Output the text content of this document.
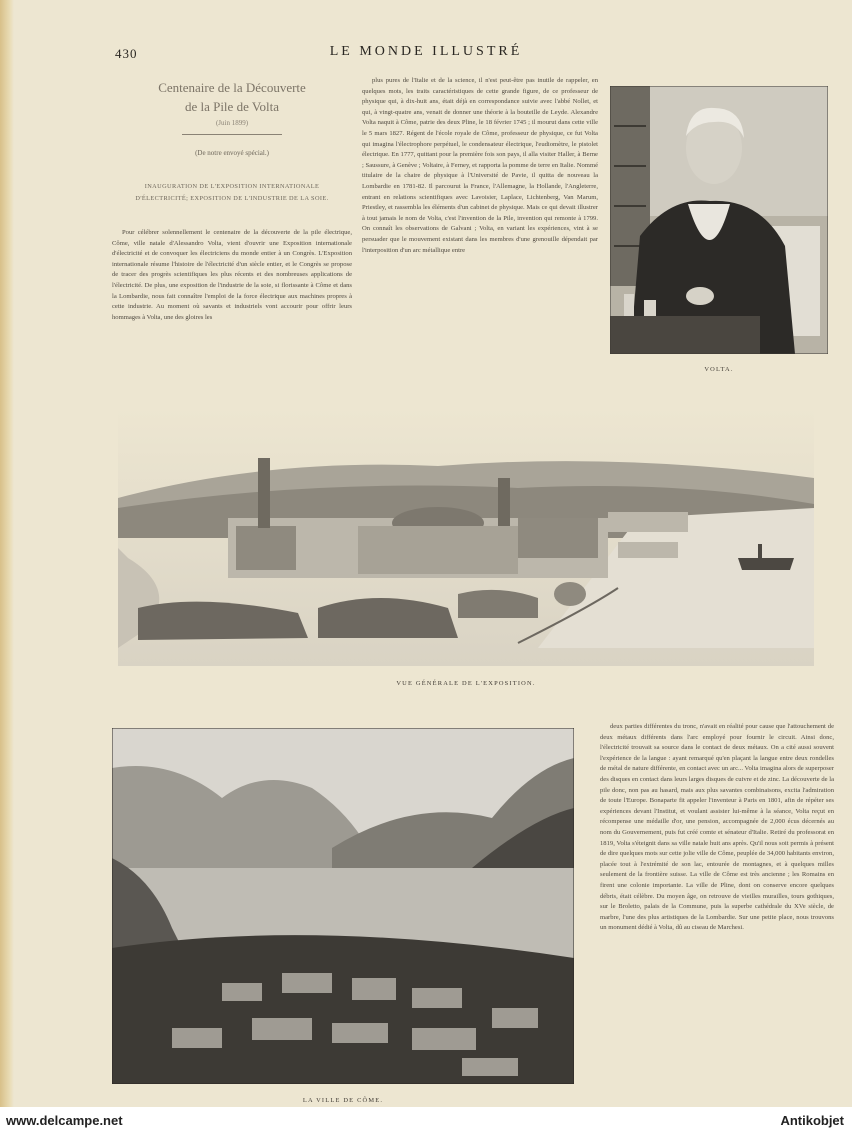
430	LE MONDE ILLUSTRÉ
Centenaire de la Découverte
de la Pile de Volta
(Juin 1899)
(De notre envoyé spécial.)
INAUGURATION DE L'EXPOSITION INTERNATIONALE
D'ÉLECTRICITÉ; EXPOSITION DE L'INDUSTRIE DE LA SOIE.

Pour célébrer solennellement le centenaire de la découverte de la pile électrique, Côme, ville natale d'Alessandro Volta, vient d'ouvrir une Exposition internationale d'électricité et de convoquer les électriciens du monde entier à un Congrès. L'Exposition internationale résume l'histoire de l'électricité d'un siècle entier, et le Congrès se propose de tracer des progrès scientifiques les plus récents et des nombreuses applications de l'électricité. De plus, une exposition de l'industrie de la soie, si florissante à Côme et dans la Lombardie, nous fait connaître l'emploi de la force électrique aux machines propres à cette industrie. Au moment où savants et industriels vont accourir pour offrir leurs hommages à Volta, une des gloires les

plus pures de l'Italie et de la science, il n'est peut-être pas inutile de rappeler, en quelques mots, les traits caractéristiques de cette grande figure, de ce professeur de physique qui, à dix-huit ans, était déjà en correspondance suivie avec l'abbé Nollet, et qui, à vingt-quatre ans, venait de donner une théorie à la bouteille de Leyde. Alexandre Volta naquit à Côme, patrie des deux Pline, le 18 février 1745 ; il mourut dans cette ville le 5 mars 1827. Régent de l'école royale de Côme, professeur de physique, ce fut Volta qui imagina l'électrophore perpétuel, le condensateur électrique, l'eudiomètre, le pistolet électrique. En 1777, quittant pour la première fois son pays, il alla visiter Haller, à Berne ; Saussure, à Genève ; Voltaire, à Ferney, et rapporta la pomme de terre en Italie. Nommé titulaire de la chaire de physique à l'Université de Pavie, il quitta de nouveau la Lombardie en 1781-82. Il parcourut la France, l'Allemagne, la Hollande, l'Angleterre, entrant en relations scientifiques avec Lavoisier, Laplace, Lichtenberg, Van Marum, Priestley, et rassembla les éléments d'un cabinet de physique. Mais ce qui devait illustrer à tout jamais le nom de Volta, c'est l'invention de la Pile, invention qui remonte à 1799. On connaît les observations de Galvani ; Volta, en variant les expériences, vint à se persuader que le mouvement existant dans les membres d'une grenouille dépendait par l'interposition d'un arc métallique entre

VOLTA.
VUE GÉNÉRALE DE L'EXPOSITION.
LA VILLE DE CÔME.

deux parties différentes du tronc, n'avait en réalité pour cause que l'attouchement de deux métaux différents dans l'arc employé pour fournir le circuit. Ainsi donc, l'électricité trouvait sa source dans le contact de deux métaux. On a cité aussi souvent l'expérience de la langue : ayant remarqué qu'en plaçant la langue entre deux rondelles de métal de nature différente, en contact avec un arc... Volta imagina alors de superposer des disques en contact dans leurs larges disques de cuivre et de zinc. La découverte de la pile donc, non pas au hasard, mais aux plus savantes combinaisons, excita l'admiration de toute l'Europe. Bonaparte fit appeler l'inventeur à Paris en 1801, afin de répéter ses expériences devant l'Institut, et voulant assister lui-même à la séance, Volta reçut en récompense une médaille d'or, une pension, accompagnée de 2,000 écus décernés au nom du Gouvernement, puis fut créé comte et sénateur d'Italie. Retiré du professorat en 1819, Volta s'éteignit dans sa ville natale huit ans après. Qu'il nous soit permis à présent de dire quelques mots sur cette jolie ville de Côme, peuplée de 34,000 habitants environ, placée tout à l'extrémité de son lac, entourée de montagnes, et à quelques milles seulement de la frontière suisse. La ville de Côme est très ancienne ; les Romains en firent une colonie importante. La ville de Pline, dont on conserve encore quelques débris, était célèbre. Du moyen âge, on retrouve de vieilles murailles, tours gothiques, sur le Broletto, palais de la Commune, puis la superbe cathédrale du XVe siècle, de marbre, l'une des plus artistiques de la Lombardie. Sur une petite place, nous trouvons un monument dédié à Volta, dû au ciseau de Marchesi.

www.delcampe.net	Antikobjet
